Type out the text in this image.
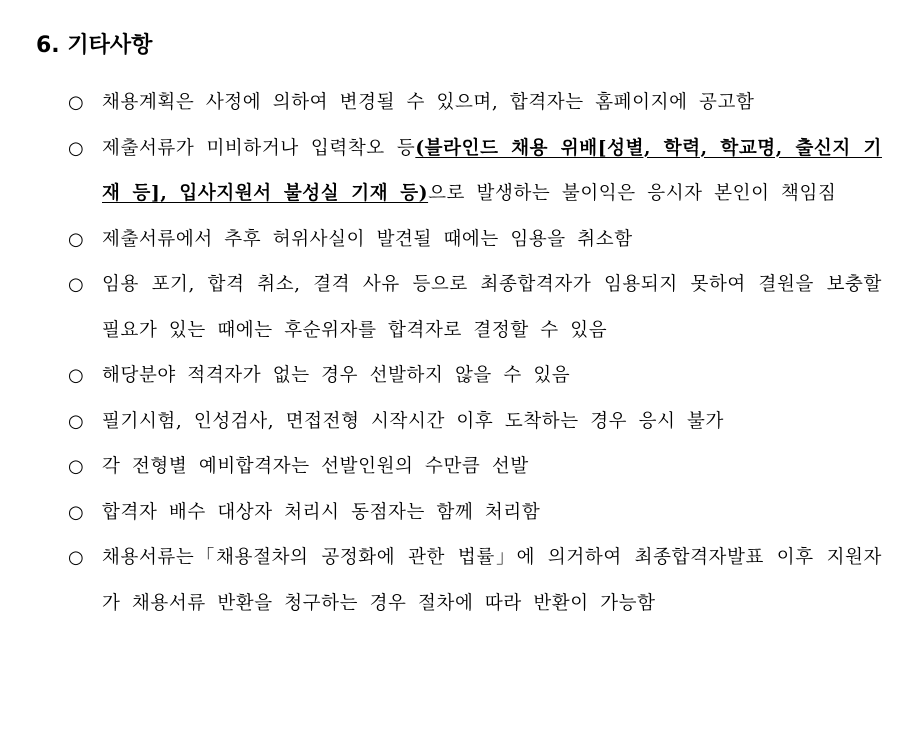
6. 기타사항
○ 채용계획은 사정에 의하여 변경될 수 있으며, 합격자는 홈페이지에 공고함
○ 제출서류가 미비하거나 입력착오 등(블라인드 채용 위배[성별, 학력, 학교명, 출신지 기재 등], 입사지원서 불성실 기재 등)으로 발생하는 불이익은 응시자 본인이 책임짐
○ 제출서류에서 추후 허위사실이 발견될 때에는 임용을 취소함
○ 임용 포기, 합격 취소, 결격 사유 등으로 최종합격자가 임용되지 못하여 결원을 보충할 필요가 있는 때에는 후순위자를 합격자로 결정할 수 있음
○ 해당분야 적격자가 없는 경우 선발하지 않을 수 있음
○ 필기시험, 인성검사, 면접전형 시작시간 이후 도착하는 경우 응시 불가
○ 각 전형별 예비합격자는 선발인원의 수만큼 선발
○ 합격자 배수 대상자 처리시 동점자는 함께 처리함
○ 채용서류는「채용절차의 공정화에 관한 법률」에 의거하여 최종합격자발표 이후 지원자가 채용서류 반환을 청구하는 경우 절차에 따라 반환이 가능함
